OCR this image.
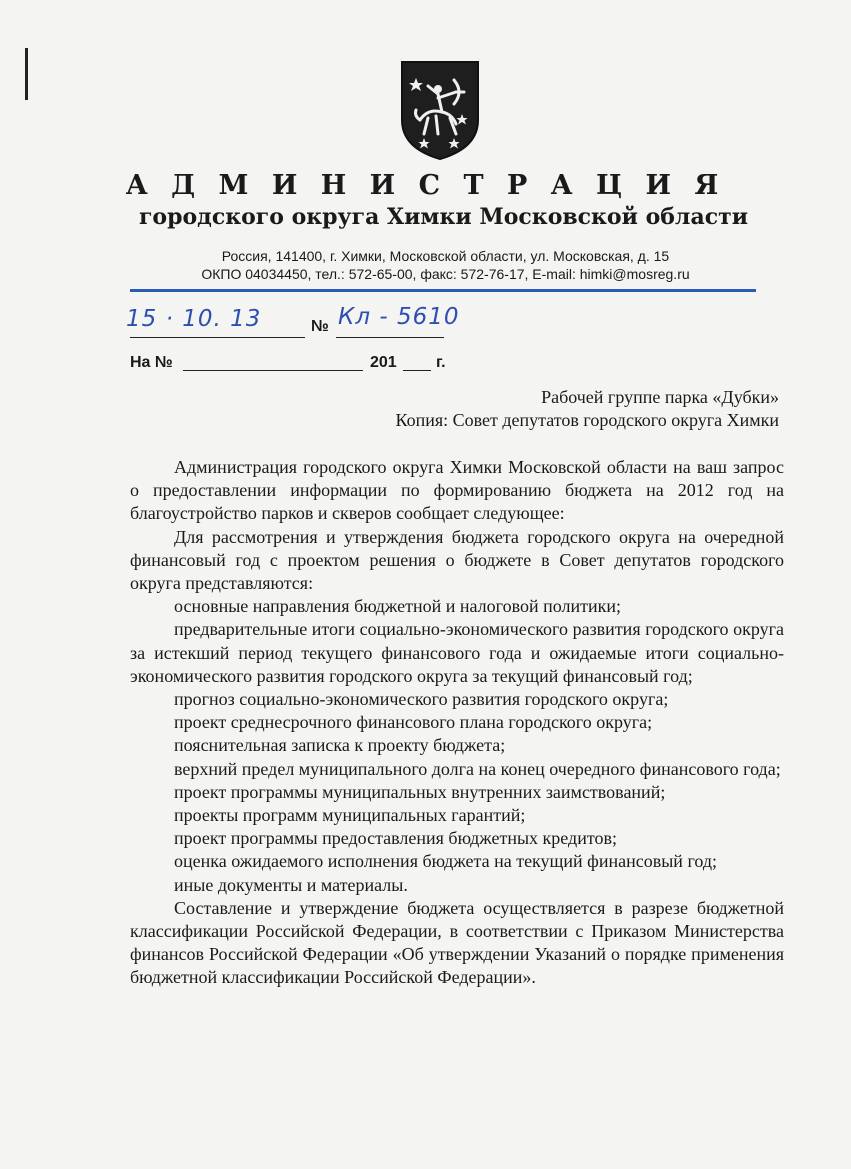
А Д М И Н И С Т Р А Ц И Я
городского округа Химки Московской области
Россия, 141400, г. Химки, Московской области, ул. Московская, д. 15
ОКПО 04034450, тел.: 572-65-00, факс: 572-76-17, E-mail: himki@mosreg.ru
15 · 10. 13	№ Кл - 5610
На №	201 г.
Рабочей группе парка «Дубки»
Копия: Совет депутатов городского округа Химки

Администрация городского округа Химки Московской области на ваш запрос о предоставлении информации по формированию бюджета на 2012 год на благоустройство парков и скверов сообщает следующее:

Для рассмотрения и утверждения бюджета городского округа на очередной финансовый год с проектом решения о бюджете в Совет депутатов городского округа представляются:

основные направления бюджетной и налоговой политики;

предварительные итоги социально-экономического развития городского округа за истекший период текущего финансового года и ожидаемые итоги социально-экономического развития городского округа за текущий финансовый год;

прогноз социально-экономического развития городского округа;

проект среднесрочного финансового плана городского округа;

пояснительная записка к проекту бюджета;

верхний предел муниципального долга на конец очередного финансового года;

проект программы муниципальных внутренних заимствований;

проекты программ муниципальных гарантий;

проект программы предоставления бюджетных кредитов;

оценка ожидаемого исполнения бюджета на текущий финансовый год;

иные документы и материалы.

Составление и утверждение бюджета осуществляется в разрезе бюджетной классификации Российской Федерации, в соответствии с Приказом Министерства финансов Российской Федерации «Об утверждении Указаний о порядке применения бюджетной классификации Российской Федерации».
